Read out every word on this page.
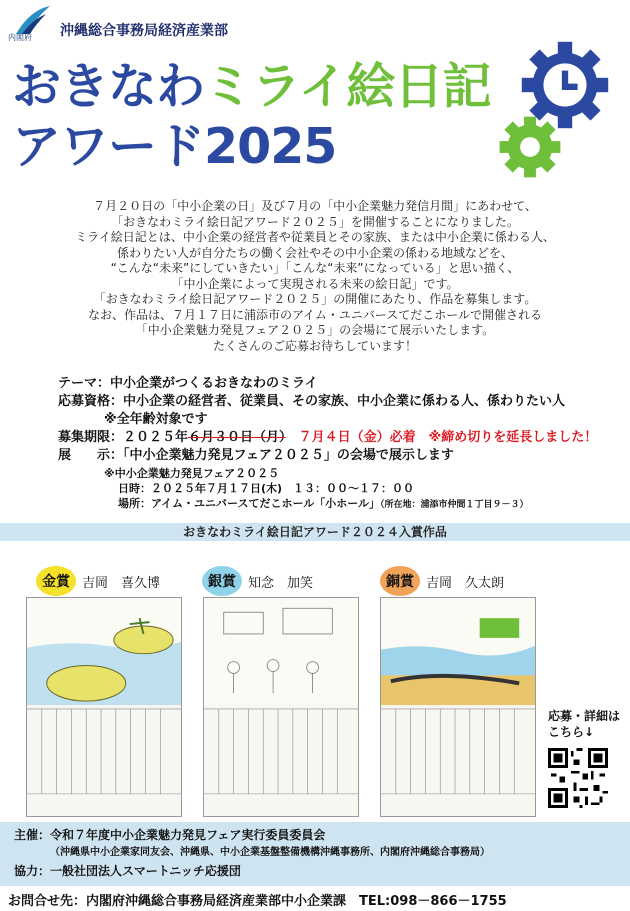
内閣府 沖縄総合事務局経済産業部
おきなわミライ絵日記
アワード2025
７月２０日の「中小企業の日」及び７月の「中小企業魅力発信月間」にあわせて、
「おきなわミライ絵日記アワード２０２５」を開催することになりました。
ミライ絵日記とは、中小企業の経営者や従業員とその家族、または中小企業に係わる人、
係わりたい人が自分たちの働く会社やその中小企業の係わる地域などを、
“こんな“未来”にしていきたい」「こんな“未来”になっている」と思い描く、
「中小企業によって実現される未来の絵日記」です。
「おきなわミライ絵日記アワード２０２５」の開催にあたり、作品を募集します。
なお、作品は、７月１７日に浦添市のアイム・ユニバースてだこホールで開催される
「中小企業魅力発見フェア２０２５」の会場にて展示いたします。
たくさんのご応募お待ちしています！
テーマ：中小企業がつくるおきなわのミライ
応募資格：中小企業の経営者、従業員、その家族、中小企業に係わる人、係わりたい人
※全年齢対象です
募集期限：２０２５年６月３０日（月）　 ７月４日（金）必着　 ※締め切りを延長しました！
展　　示：「中小企業魅力発見フェア２０２５」の会場で展示します
※中小企業魅力発見フェア２０２５
日時：２０２５年７月１７日(木)　１３：００～１７：００
場所：アイム・ユニバースてだこホール「小ホール」（所在地：浦添市仲間１丁目９－３）
おきなわミライ絵日記アワード２０２４入賞作品
金賞 吉岡　喜久博	銀賞 知念　加笑	銅賞 吉岡　久太朗
応募・詳細は
こちら↓
主催：令和７年度中小企業魅力発見フェア実行委員委員会
（沖縄県中小企業家同友会、沖縄県、中小企業基盤整備機構沖縄事務所、内閣府沖縄総合事務局）
協力：一般社団法人スマートニッチ応援団
お問合せ先：内閣府沖縄総合事務局経済産業部中小企業課　TEL:098－866－1755
